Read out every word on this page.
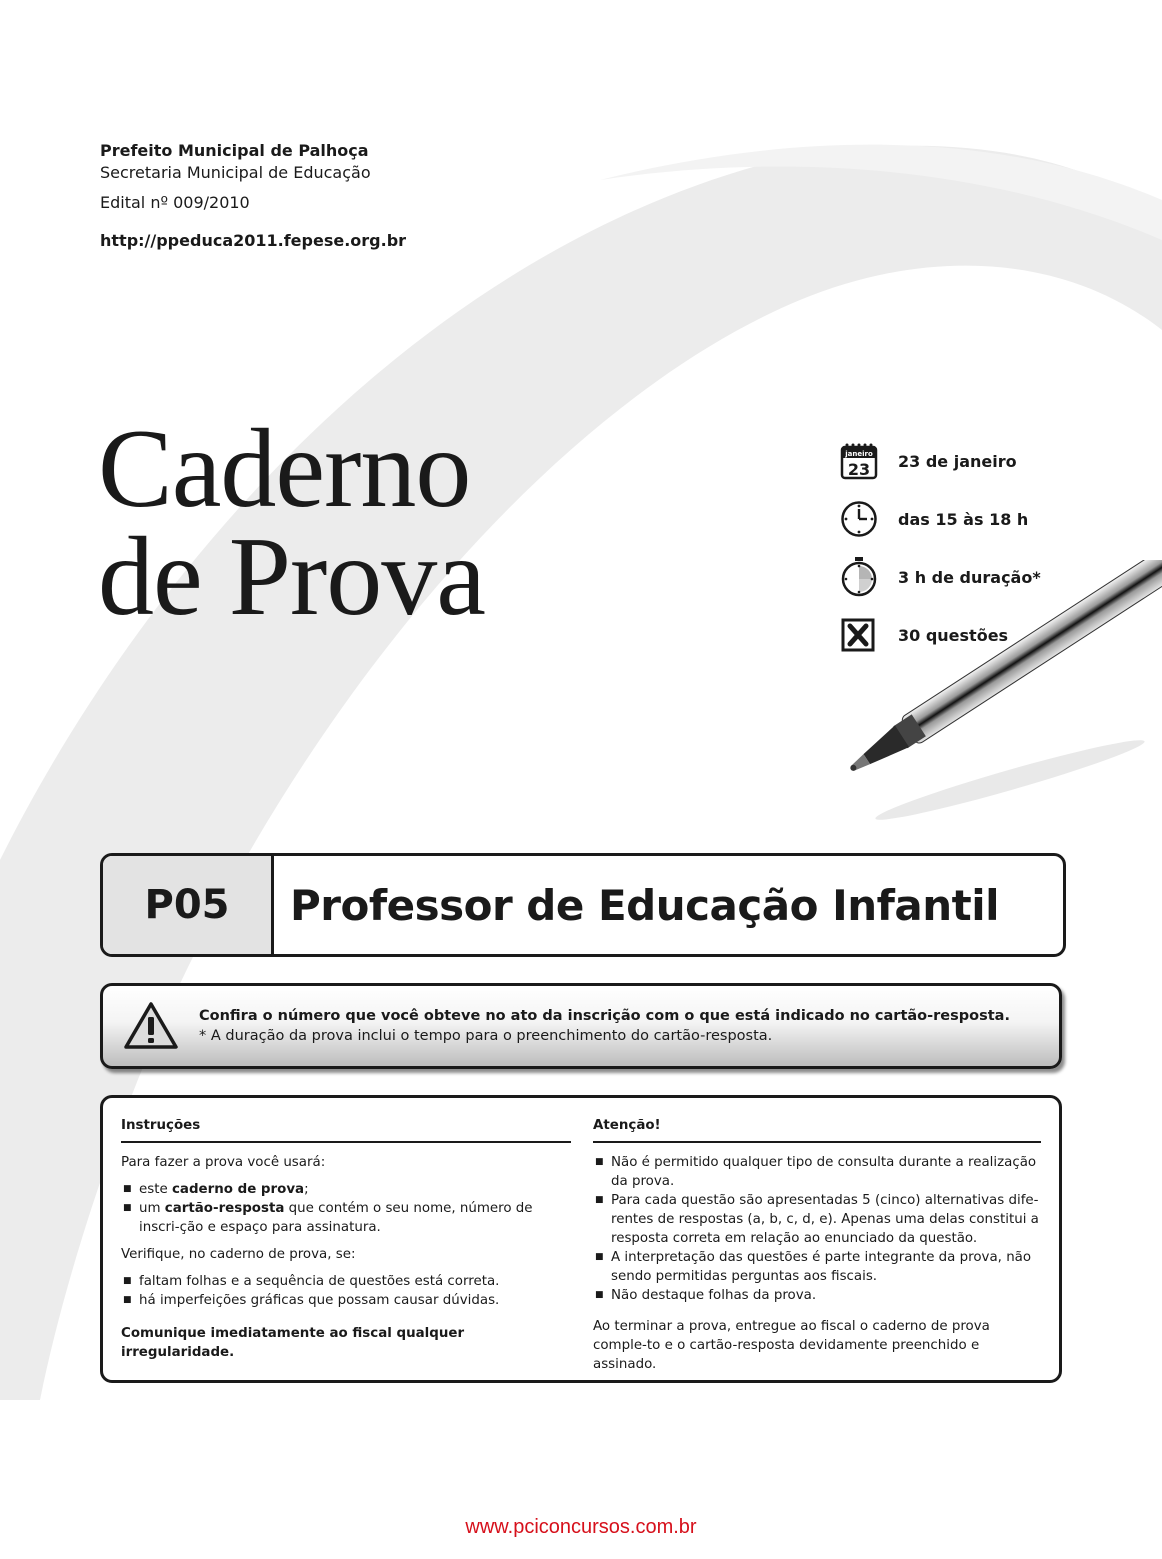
Prefeito Municipal de Palhoça
Secretaria Municipal de Educação
Edital nº 009/2010
http://ppeduca2011.fepese.org.br
Caderno
de Prova
janeiro
23 23 de janeiro
das 15 às 18 h
3 h de duração*
30 questões
P05	Professor de Educação Infantil
Confira o número que você obteve no ato da inscrição com o que está indicado no cartão-resposta.
* A duração da prova inclui o tempo para o preenchimento do cartão-resposta.
Instruções

Para fazer a prova você usará:

■ este caderno de prova;
■ um cartão-resposta que contém o seu nome, número de inscri-ção e espaço para assinatura.

Verifique, no caderno de prova, se:

■ faltam folhas e a sequência de questões está correta.
■ há imperfeições gráficas que possam causar dúvidas.

Comunique imediatamente ao fiscal qualquer irregularidade.

Atenção!
■ Não é permitido qualquer tipo de consulta durante a realização da prova.
■ Para cada questão são apresentadas 5 (cinco) alternativas dife-rentes de respostas (a, b, c, d, e). Apenas uma delas constitui a resposta correta em relação ao enunciado da questão.
■ A interpretação das questões é parte integrante da prova, não sendo permitidas perguntas aos fiscais.
■ Não destaque folhas da prova.

Ao terminar a prova, entregue ao fiscal o caderno de prova comple-to e o cartão-resposta devidamente preenchido e assinado.

www.pciconcursos.com.br
